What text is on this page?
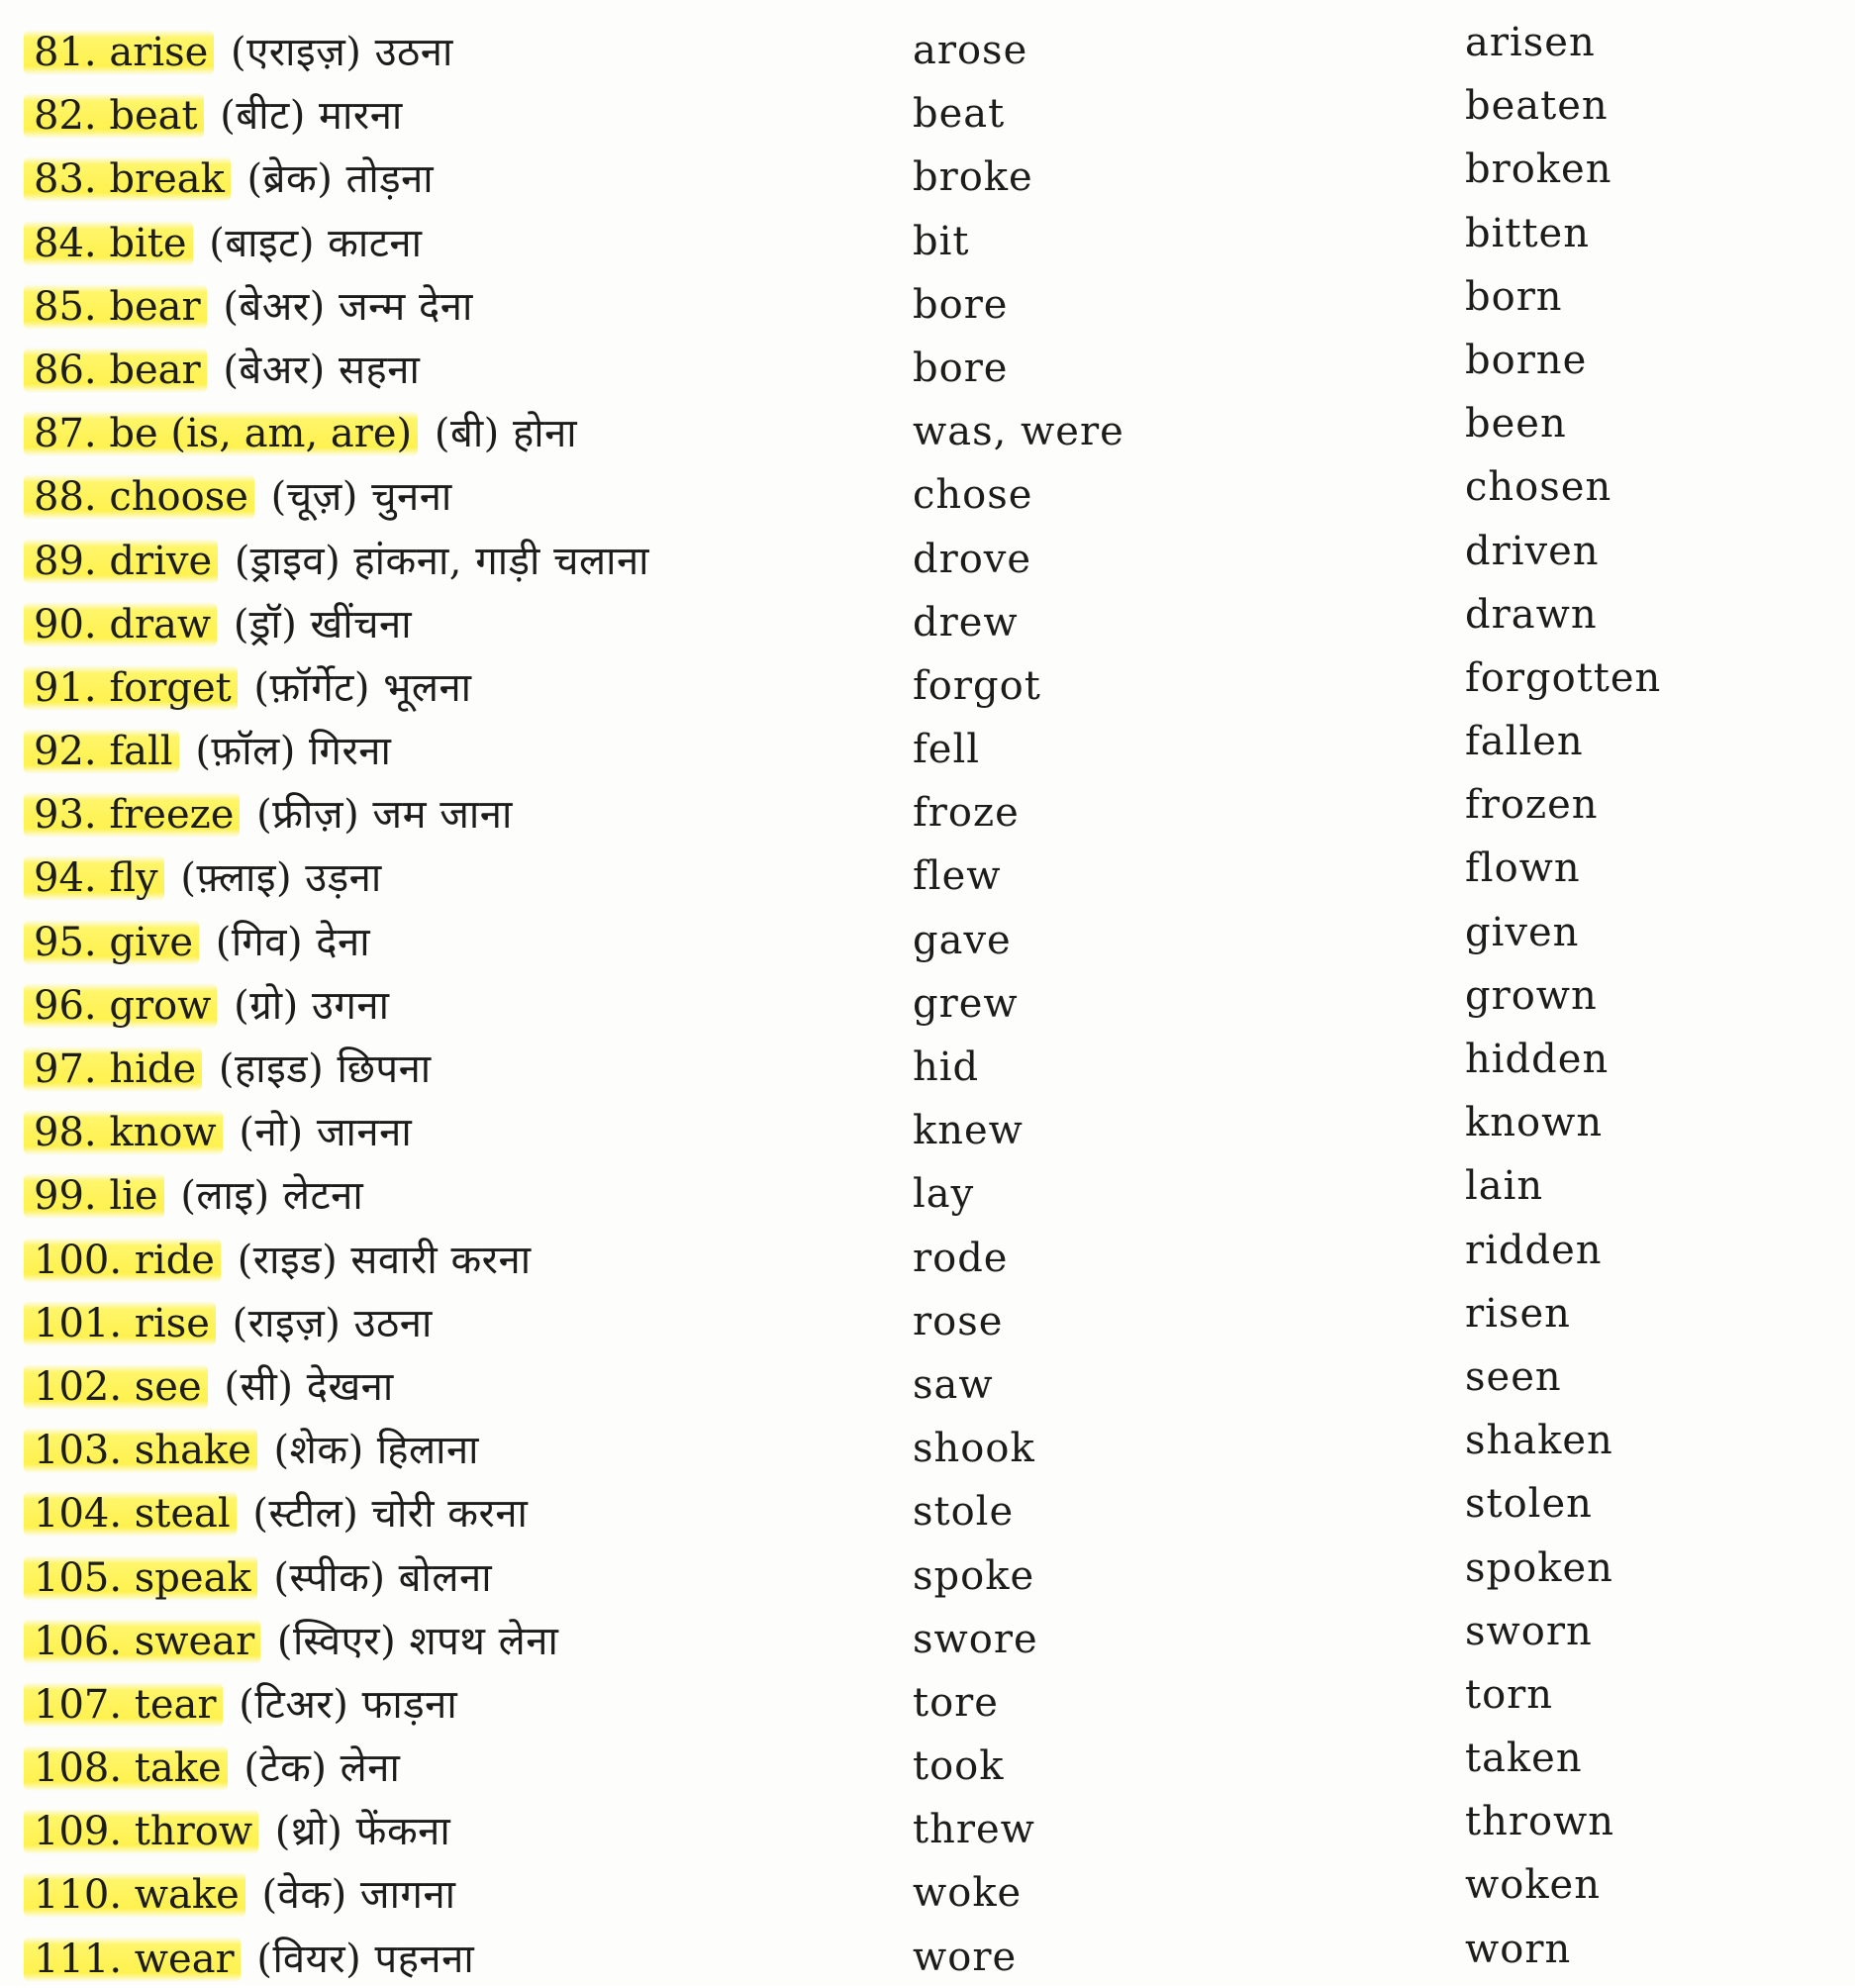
81. arise (एराइज़) उठना	arose	arisen
82. beat (बीट) मारना	beat	beaten
83. break (ब्रेक) तोड़ना	broke	broken
84. bite (बाइट) काटना	bit	bitten
85. bear (बेअर) जन्म देना	bore	born
86. bear (बेअर) सहना	bore	borne
87. be (is, am, are) (बी) होना	was, were	been
88. choose (चूज़) चुनना	chose	chosen
89. drive (ड्राइव) हांकना, गाड़ी चलाना	drove	driven
90. draw (ड्रॉ) खींचना	drew	drawn
91. forget (फ़ॉर्गेट) भूलना	forgot	forgotten
92. fall (फ़ॉल) गिरना	fell	fallen
93. freeze (फ्रीज़) जम जाना	froze	frozen
94. fly (फ़्लाइ) उड़ना	flew	flown
95. give (गिव) देना	gave	given
96. grow (ग्रो) उगना	grew	grown
97. hide (हाइड) छिपना	hid	hidden
98. know (नो) जानना	knew	known
99. lie (लाइ) लेटना	lay	lain
100. ride (राइड) सवारी करना	rode	ridden
101. rise (राइज़) उठना	rose	risen
102. see (सी) देखना	saw	seen
103. shake (शेक) हिलाना	shook	shaken
104. steal (स्टील) चोरी करना	stole	stolen
105. speak (स्पीक) बोलना	spoke	spoken
106. swear (स्विएर) शपथ लेना	swore	sworn
107. tear (टिअर) फाड़ना	tore	torn
108. take (टेक) लेना	took	taken
109. throw (थ्रो) फेंकना	threw	thrown
110. wake (वेक) जागना	woke	woken
111. wear (वियर) पहनना	wore	worn
